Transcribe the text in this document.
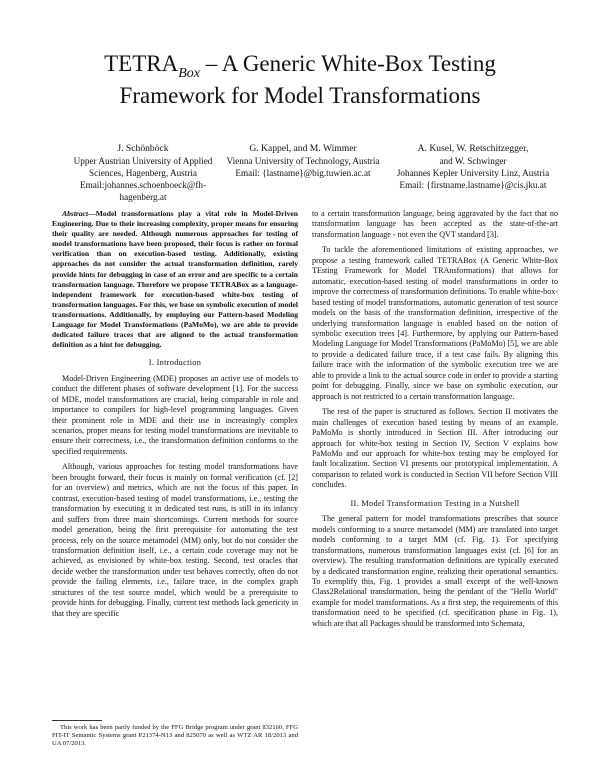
$TETRA_{Box}$ – A Generic White-Box Testing
Framework for Model Transformations
J. Schönböck
Upper Austrian University of Applied
Sciences, Hagenberg, Austria
Email:johannes.schoenboeck@fh-hagenberg.at
G. Kappel, and M. Wimmer
Vienna University of Technology, Austria
Email: {lastname}@big.tuwien.ac.at
A. Kusel, W. Retschitzegger,
and W. Schwinger
Johannes Kepler University Linz, Austria
Email: {firstname.lastname}@cis.jku.at

Abstract—Model transformations play a vital role in Model-Driven Engineering. Due to their increasing complexity, proper means for ensuring their quality are needed. Although numerous approaches for testing of model transformations have been proposed, their focus is rather on formal verification than on execution-based testing. Additionally, existing approaches do not consider the actual transformation definition, rarely provide hints for debugging in case of an error and are specific to a certain transformation language. Therefore we propose TETRABox as a language-independent framework for execution-based white-box testing of transformation languages. For this, we base on symbolic execution of model transformations. Additionally, by employing our Pattern-based Modeling Language for Model Transformations (PaMoMo), we are able to provide dedicated failure traces that are aligned to the actual transformation definition as a hint for debugging.

I. Introduction

Model-Driven Engineering (MDE) proposes an active use of models to conduct the different phases of software development [1]. For the success of MDE, model transformations are crucial, being comparable in role and importance to compilers for high-level programming languages. Given their prominent role in MDE and their use in increasingly complex scenarios, proper means for testing model transformations are inevitable to ensure their correctness, i.e., the transformation definition conforms to the specified requirements.

Although, various approaches for testing model transformations have been brought forward, their focus is mainly on formal verification (cf. [2] for an overview) and metrics, which are not the focus of this paper. In contrast, execution-based testing of model transformations, i.e., testing the transformation by executing it in dedicated test runs, is still in its infancy and suffers from three main shortcomings. Current methods for source model generation, being the first prerequisite for automating the test process, rely on the source metamodel (MM) only, but do not consider the transformation definition itself, i.e., a certain code coverage may not be achieved, as envisioned by white-box testing. Second, test oracles that decide wether the transformation under test behaves correctly, often do not provide the failing elements, i.e., failure trace, in the complex graph structures of the test source model, which would be a prerequisite to provide hints for debugging. Finally, current test methods lack genericity in that they are specific

This work has been partly funded by the FFG Bridge program under grant 832160, FFG FIT-IT Semantic Systems grant P21374-N13 and 825070 as well as WTZ AR 18/2013 and UA 07/2013.

to a certain transformation language, being aggravated by the fact that no transformation language has been accepted as the state-of-the-art transformation language - not even the QVT standard [3].

To tackle the aforementioned limitations of existing approaches, we propose a testing framework called TETRABox (A Generic White-Box TEsting Framework for Model TRAnsformations) that allows for automatic, execution-based testing of model transformations in order to improve the correctness of transformation definitions. To enable white-box-based testing of model transformations, automatic generation of test source models on the basis of the transformation definition, irrespective of the underlying transformation language is enabled based on the notion of symbolic execution trees [4]. Furthermore, by applying our Pattern-based Modeling Language for Model Transformations (PaMoMo) [5], we are able to provide a dedicated failure trace, if a test case fails. By aligning this failure trace with the information of the symbolic execution tree we are able to provide a link to the actual source code in order to provide a starting point for debugging. Finally, since we base on symbolic execution, our approach is not restricted to a certain transformation language.

The rest of the paper is structured as follows. Section II motivates the main challenges of execution based testing by means of an example. PaMoMo is shortly introduced in Section III. After introducing our approach for white-box testing in Section IV, Section V explains how PaMoMo and our approach for white-box testing may be employed for fault localization. Section VI presents our prototypical implementation. A comparison to related work is conducted in Section VII before Section VIII concludes.

II. Model Transformation Testing in a Nutshell

The general pattern for model transformations prescribes that source models conforming to a source metamodel (MM) are translated into target models conforming to a target MM (cf. Fig. 1). For specifying transformations, numerous transformation languages exist (cf. [6] for an overview). The resulting transformation definitions are typically executed by a dedicated transformation engine, realizing their operational semantics. To exemplify this, Fig. 1 provides a small excerpt of the well-known Class2Relational transformation, being the pendant of the "Hello World" example for model transformations. As a first step, the requirements of this transformation need to be specified (cf. specification phase in Fig. 1), which are that all Packages should be transformed into Schemata,
